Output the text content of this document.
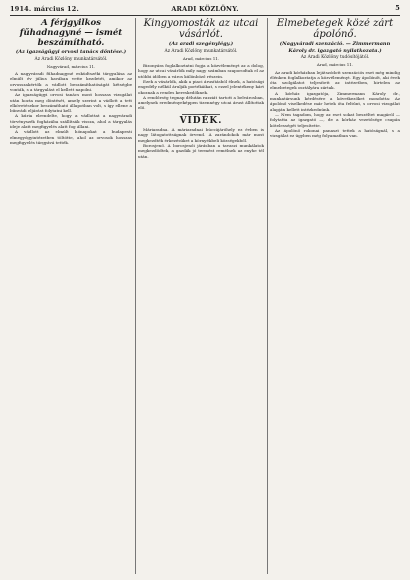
1914. március 12.	ARADI KÖZLÖNY.	5
A férjgyilkos fűhadnagyné — ismét beszámítható.
(Az igazságügyi orvosi tanács döntése.)
Az Aradi Közlöny munkatársától.
Nagyvárad, március 11.

A nagyváradi fűhadnagyné esküdtszéki tárgyalása az elmúlt év július havában vette kezdetét, amikor az orvosszakértők a vádlott beszámíthatóságát kétségbe vonták, s a tárgyalást el kellett napolni.

Az igazságügyi orvosi tanács most hosszas vizsgálat után hozta meg döntését, amely szerint a vádlott a tett elkövetésekor beszámítható állapotban volt, s így ellene a bűnvádi eljárást folytatni kell.

A kúria elrendelte, hogy a vádlottat a nagyváradi törvényszék fogházába szállítsák vissza, ahol a tárgyalás ideje alatt megfigyelés alatt fog állani.

A vádlott az elmúlt hónapokat a budapesti elmegyógyintézetben töltötte, ahol az orvosok hosszas megfigyelés tárgyává tették.

Kingyomosták az utcai vásárlót.
(Az aradi szegénylégy.)
Az Aradi Közlöny munkatársától.
Arad, március 11.

Bizonyára foglalkoztatni fogja a közvéleményt az a dolog, hogy az utcai vásárlók mily nagy számban szaporodtak el az utóbbi időben a város különböző részein.

Ezek a vásárlók, akik a piaci árusításból élnek, a hatósági engedély nélkül árulják portékáikat, s ezzel jelentékeny kárt okoznak a rendes kereskedőknek.

A rendőrség tegnap délután razziát tartott a belvárosban, amelynek eredményeképpen tizennégy utcai árust állítottak elő.

VIDÉK.

Máriaradna. A máriaradnai búcsújáróhely ez évben is nagy látogatottságnak örvend. A zarándokok már most megkezdték érkezésüket a környékbeli községekből.

Borosjenő. A borosjenői járásban a tavaszi munkálatok megkezdődtek, a gazdák jó termést remélnek az enyhe tél után.

Elmebetegek közé zárt ápolónő.
(Nagyváradi szenzáció. — Zimmermann Károly dr. igazgató nyilatkozata.)
Az Aradi Közlöny tudósítójától.
Arad, március 11.

Az aradi kórházban lejátszódott szenzációs eset még mindig élénken foglalkoztatja a közvéleményt. Egy ápolónőt, aki évek óta szolgálatot teljesített az intézetben, hirtelen az elmebetegek osztályára zártak.

A kórház igazgatója, Zimmermann Károly dr., munkatársunk kérdésére a következőket mondotta: Az ápolónő viselkedése már hetek óta feltűnt, s orvosi vizsgálat alapján kellett intézkednünk.

— Nem tagadom, hogy az eset sokat beszéltet magáról — folytatta az igazgató —, de a kórház vezetősége csupán kötelességét teljesítette.

Az ápolónő rokonai panaszt tettek a hatóságnál, s a vizsgálat ez ügyben még folyamatban van.
